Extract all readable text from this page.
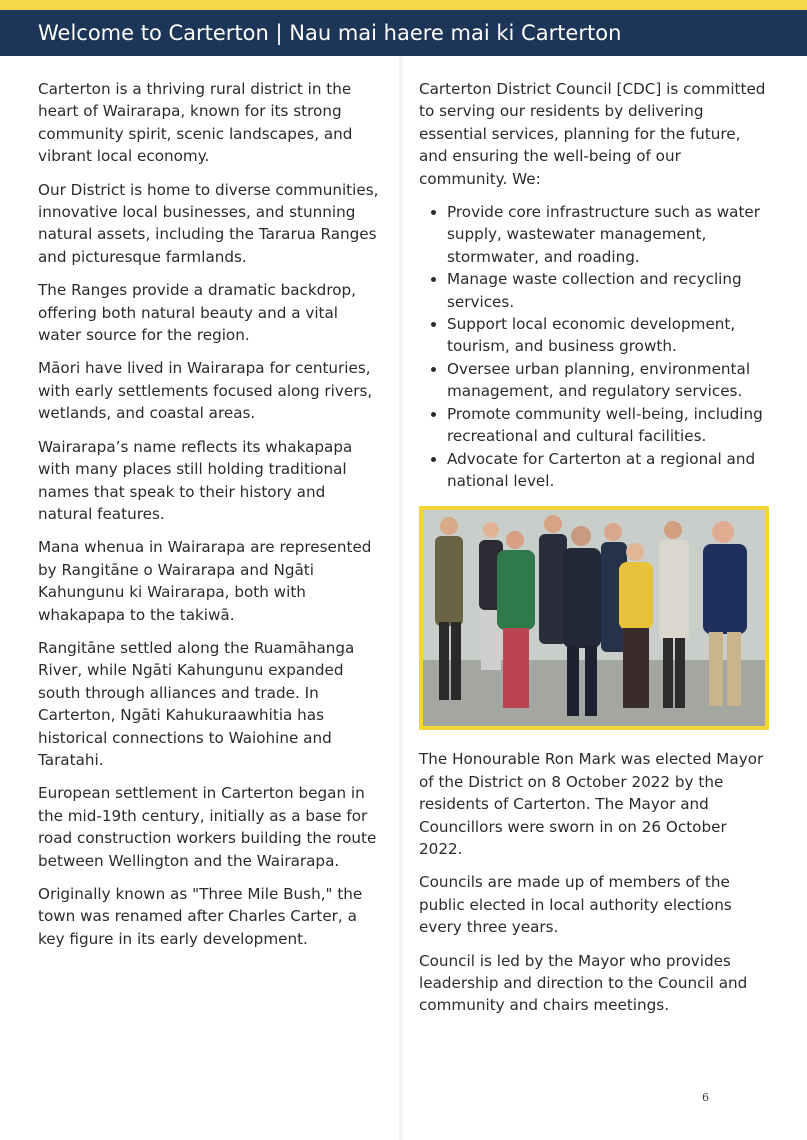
Welcome to Carterton | Nau mai haere mai ki Carterton

Carterton is a thriving rural district in the heart of Wairarapa, known for its strong community spirit, scenic landscapes, and vibrant local economy.

Our District is home to diverse communities, innovative local businesses, and stunning natural assets, including the Tararua Ranges and picturesque farmlands.

The Ranges provide a dramatic backdrop, offering both natural beauty and a vital water source for the region.

Māori have lived in Wairarapa for centuries, with early settlements focused along rivers, wetlands, and coastal areas.

Wairarapa’s name reflects its whakapapa with many places still holding traditional names that speak to their history and natural features.

Mana whenua in Wairarapa are represented by Rangitāne o Wairarapa and Ngāti Kahungunu ki Wairarapa, both with whakapapa to the takiwā.

Rangitāne settled along the Ruamāhanga River, while Ngāti Kahungunu expanded south through alliances and trade. In Carterton, Ngāti Kahukuraawhitia has historical connections to Waiohine and Taratahi.

European settlement in Carterton began in the mid-19th century, initially as a base for road construction workers building the route between Wellington and the Wairarapa.

Originally known as "Three Mile Bush," the town was renamed after Charles Carter, a key figure in its early development.

Carterton District Council [CDC] is committed to serving our residents by delivering essential services, planning for the future, and ensuring the well-being of our community. We:

• Provide core infrastructure such as water supply, wastewater management, stormwater, and roading.
• Manage waste collection and recycling services.
• Support local economic development, tourism, and business growth.
• Oversee urban planning, environmental management, and regulatory services.
• Promote community well-being, including recreational and cultural facilities.
• Advocate for Carterton at a regional and national level.

The Honourable Ron Mark was elected Mayor of the District on 8 October 2022 by the residents of Carterton. The Mayor and Councillors were sworn in on 26 October 2022.

Councils are made up of members of the public elected in local authority elections every three years.

Council is led by the Mayor who provides leadership and direction to the Council and community and chairs meetings.

6
